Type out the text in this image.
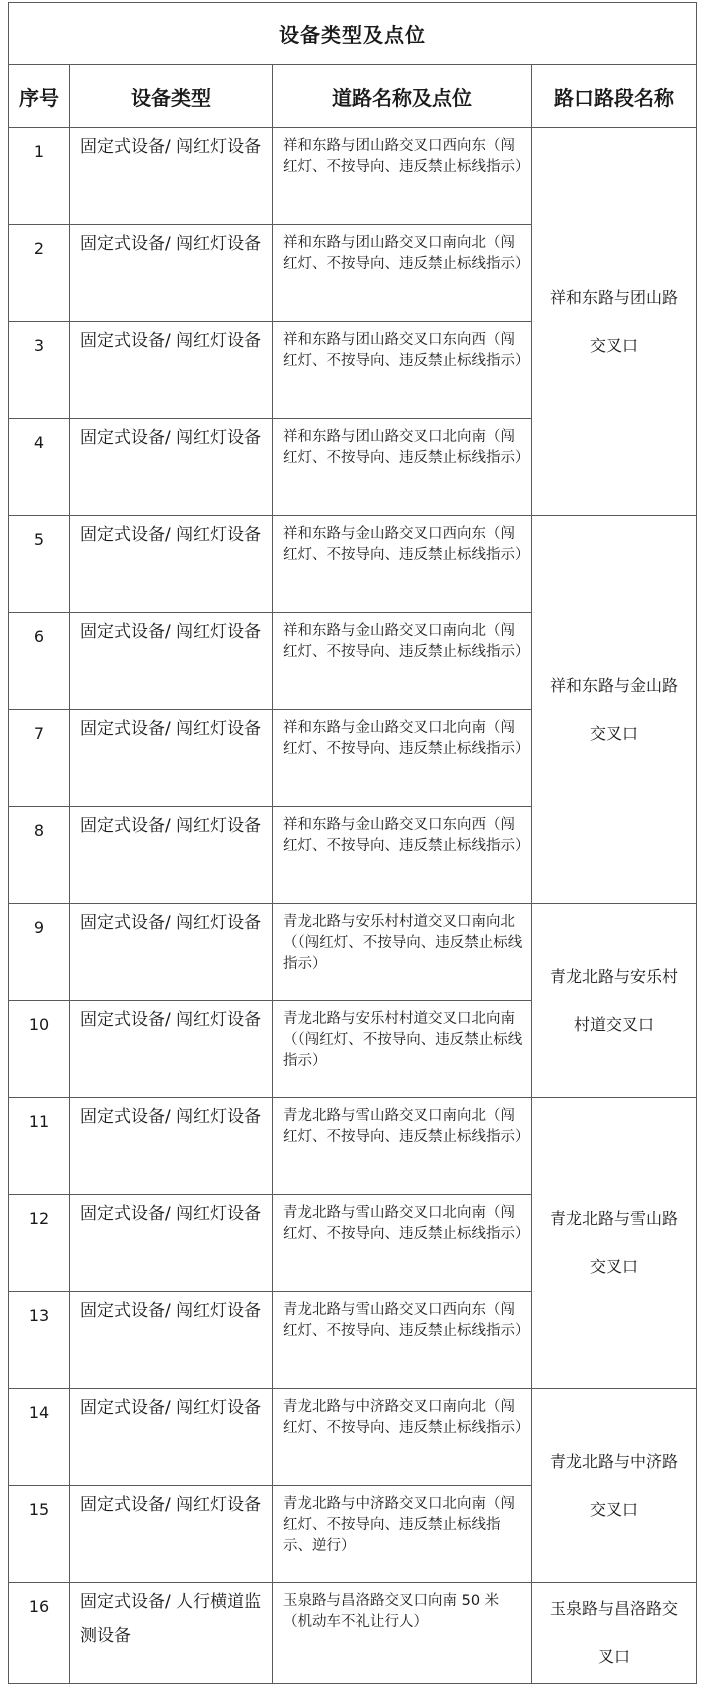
设备类型及点位			
序号	设备类型	道路名称及点位	路口路段名称
1	固定式设备/ 闯红灯设备	祥和东路与团山路交叉口西向东（闯红灯、不按导向、违反禁止标线指示）	祥和东路与团山路
交叉口

2	固定式设备/ 闯红灯设备	祥和东路与团山路交叉口南向北（闯红灯、不按导向、违反禁止标线指示）	
3	固定式设备/ 闯红灯设备	祥和东路与团山路交叉口东向西（闯红灯、不按导向、违反禁止标线指示）	
4	固定式设备/ 闯红灯设备	祥和东路与团山路交叉口北向南（闯红灯、不按导向、违反禁止标线指示）	
5	固定式设备/ 闯红灯设备	祥和东路与金山路交叉口西向东（闯红灯、不按导向、违反禁止标线指示）	祥和东路与金山路
交叉口

6	固定式设备/ 闯红灯设备	祥和东路与金山路交叉口南向北（闯红灯、不按导向、违反禁止标线指示）	
7	固定式设备/ 闯红灯设备	祥和东路与金山路交叉口北向南（闯红灯、不按导向、违反禁止标线指示）	
8	固定式设备/ 闯红灯设备	祥和东路与金山路交叉口东向西（闯红灯、不按导向、违反禁止标线指示）	
9	固定式设备/ 闯红灯设备	青龙北路与安乐村村道交叉口南向北（（闯红灯、不按导向、违反禁止标线指示）	青龙北路与安乐村
村道交叉口

10	固定式设备/ 闯红灯设备	青龙北路与安乐村村道交叉口北向南（（闯红灯、不按导向、违反禁止标线指示）	
11	固定式设备/ 闯红灯设备	青龙北路与雪山路交叉口南向北（闯红灯、不按导向、违反禁止标线指示）	青龙北路与雪山路
交叉口

12	固定式设备/ 闯红灯设备	青龙北路与雪山路交叉口北向南（闯红灯、不按导向、违反禁止标线指示）	
13	固定式设备/ 闯红灯设备	青龙北路与雪山路交叉口西向东（闯红灯、不按导向、违反禁止标线指示）	
14	固定式设备/ 闯红灯设备	青龙北路与中济路交叉口南向北（闯红灯、不按导向、违反禁止标线指示）	青龙北路与中济路
交叉口

15	固定式设备/ 闯红灯设备	青龙北路与中济路交叉口北向南（闯红灯、不按导向、违反禁止标线指示、逆行）	
16	固定式设备/ 人行横道监测设备	玉泉路与昌洛路交叉口向南 50 米（机动车不礼让行人）	玉泉路与昌洛路交
叉口
